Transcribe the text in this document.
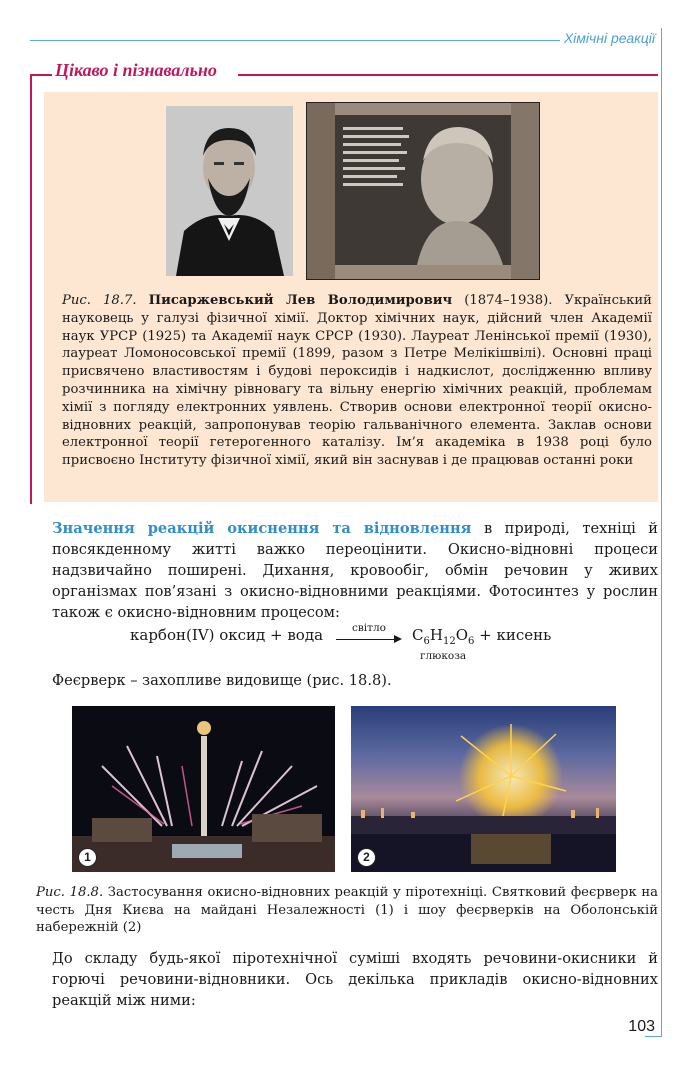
Хімічні реакції
Цікаво і пізнавально
Рис. 18.7. Писаржевський Лев Володимирович (1874–1938). Український науковець у галузі фізичної хімії. Доктор хімічних наук, дійсний член Академії наук УРСР (1925) та Академії наук СРСР (1930). Лауреат Ленінської премії (1930), лауреат Ломоносовської премії (1899, разом з Петре Мелікішвілі). Основні праці присвячено властивостям і будові пероксидів і надкислот, дослідженню впливу розчинника на хімічну рівновагу та вільну енергію хімічних реакцій, проблемам хімії з погляду електронних уявлень. Створив основи електронної теорії окисно-відновних реакцій, запропонував теорію гальванічного елемента. Заклав основи електронної теорії гетерогенного каталізу. Ім’я академіка в 1938 році було присвоєно Інституту фізичної хімії, який він заснував і де працював останні роки
Значення реакцій окиснення та відновлення в природі, техніці й повсякденному житті важко переоцінити. Окисно-відновні процеси надзвичайно поширені. Дихання, кровообіг, обмін речовин у живих організмах пов’язані з окисно-відновними реакціями. Фотосинтез у рослин також є окисно-відновним процесом:
карбон(IV) оксид + вода	світло	$C_6H_{12}O_6$ + кисень
глюкоза
Феєрверк – захопливе видовище (рис. 18.8).
1	2
Рис. 18.8. Застосування окисно-відновних реакцій у піротехніці. Святковий феєрверк на честь Дня Києва на майдані Незалежності (1) і шоу феєрверків на Оболонській набережній (2)
До складу будь-якої піротехнічної суміші входять речовини-окисники й горючі речовини-відновники. Ось декілька прикладів окисно-відновних реакцій між ними:
103
